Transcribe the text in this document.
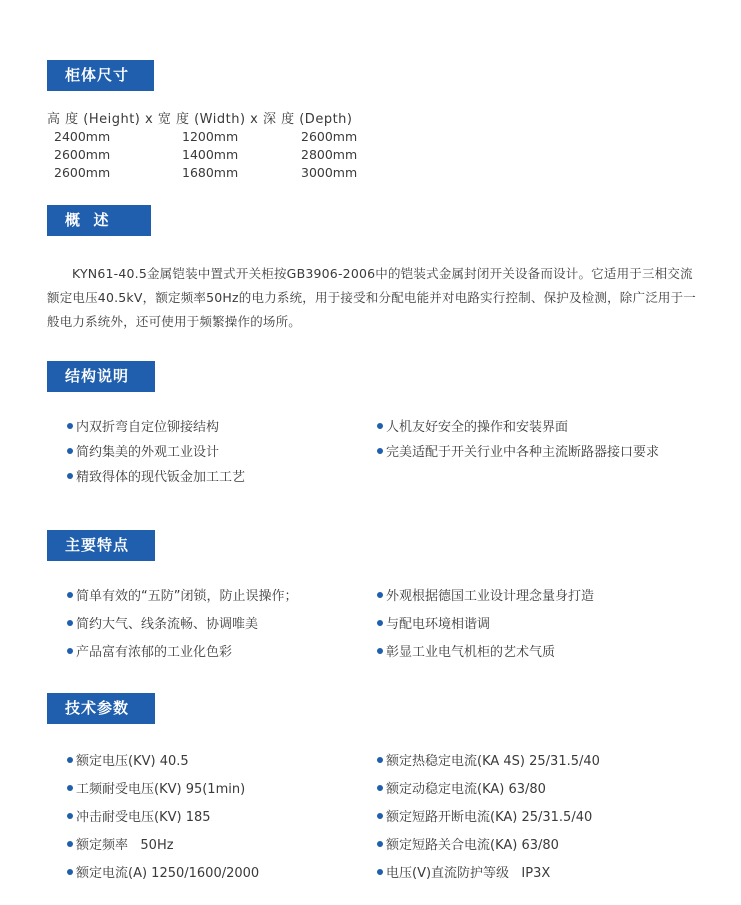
柜体尺寸
高 度 (Height) x 宽 度 (Width) x 深 度 (Depth)
2400mm	1200mm	2600mm
2600mm	1400mm	2800mm
2600mm	1680mm	3000mm
概  述
KYN61-40.5金属铠装中置式开关柜按GB3906-2006中的铠装式金属封闭开关设备而设计。它适用于三相交流额定电压40.5kV，额定频率50Hz的电力系统，用于接受和分配电能并对电路实行控制、保护及检测，除广泛用于一般电力系统外，还可使用于频繁操作的场所。
结构说明
内双折弯自定位铆接结构
简约集美的外观工业设计
精致得体的现代钣金加工工艺
人机友好安全的操作和安装界面
完美适配于开关行业中各种主流断路器接口要求
主要特点
简单有效的“五防”闭锁，防止误操作；
简约大气、线条流畅、协调唯美
产品富有浓郁的工业化色彩
外观根据德国工业设计理念量身打造
与配电环境相谐调
彰显工业电气机柜的艺术气质
技术参数
额定电压(KV) 40.5
工频耐受电压(KV) 95(1min)
冲击耐受电压(KV) 185
额定频率   50Hz
额定电流(A) 1250/1600/2000
额定热稳定电流(KA 4S) 25/31.5/40
额定动稳定电流(KA) 63/80
额定短路开断电流(KA) 25/31.5/40
额定短路关合电流(KA) 63/80
电压(V)直流防护等级   IP3X
